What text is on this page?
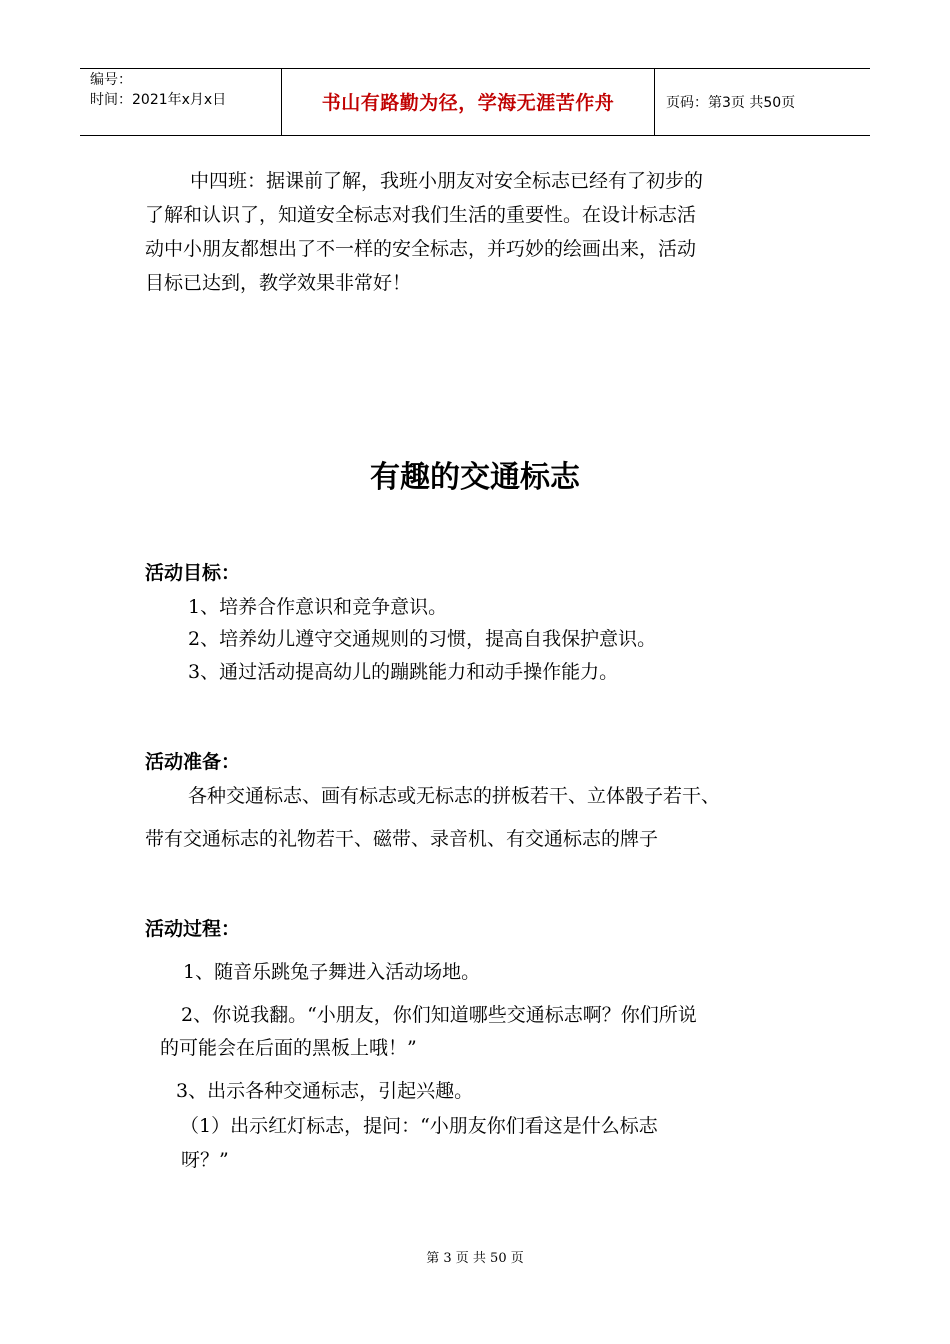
编号：
时间：2021年x月x日	书山有路勤为径，学海无涯苦作舟	页码：第3页 共50页
中四班：据课前了解，我班小朋友对安全标志已经有了初步的
了解和认识了，知道安全标志对我们生活的重要性。在设计标志活
动中小朋友都想出了不一样的安全标志，并巧妙的绘画出来，活动
目标已达到，教学效果非常好！
有趣的交通标志
活动目标：
1、培养合作意识和竞争意识。
2、培养幼儿遵守交通规则的习惯，提高自我保护意识。
3、通过活动提高幼儿的蹦跳能力和动手操作能力。
活动准备：
各种交通标志、画有标志或无标志的拼板若干、立体骰子若干、
带有交通标志的礼物若干、磁带、录音机、有交通标志的牌子
活动过程：
1、随音乐跳兔子舞进入活动场地。
2、你说我翻。“小朋友，你们知道哪些交通标志啊？你们所说
的可能会在后面的黑板上哦！”
3、出示各种交通标志，引起兴趣。
（1）出示红灯标志，提问：“小朋友你们看这是什么标志
呀？”
第 3 页 共 50 页
